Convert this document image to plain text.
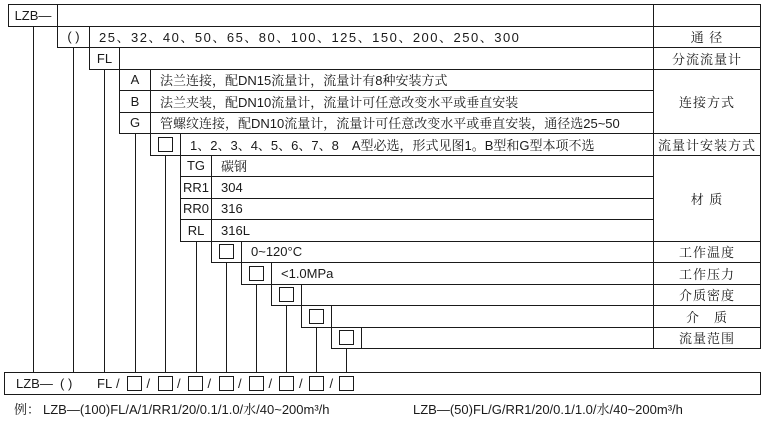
LZB—
( ) 25、32、40、50、65、80、100、125、150、200、250、300
FL
A 法兰连接，配DN15流量计，流量计有8种安装方式
B 法兰夹装，配DN10流量计，流量计可任意改变水平或垂直安装
G 管螺纹连接，配DN10流量计，流量计可任意改变水平或垂直安装，通径选25~50
1、2、3、4、5、6、7、8　A型必选，形式见图1。B型和G型本项不选
TG 碳钢
RR1 304
RR0 316
RL 316L
0~120°C
<1.0MPa
通 径
分流流量计
连接方式
流量计安装方式
材 质
工作温度
工作压力
介质密度
介　质
流量范围
LZB— ( ) FL / / / / / / / /
例： LZB—(100)FL/A/1/RR1/20/0.1/1.0/水/40~200m³/h	LZB—(50)FL/G/RR1/20/0.1/1.0/水/40~200m³/h
